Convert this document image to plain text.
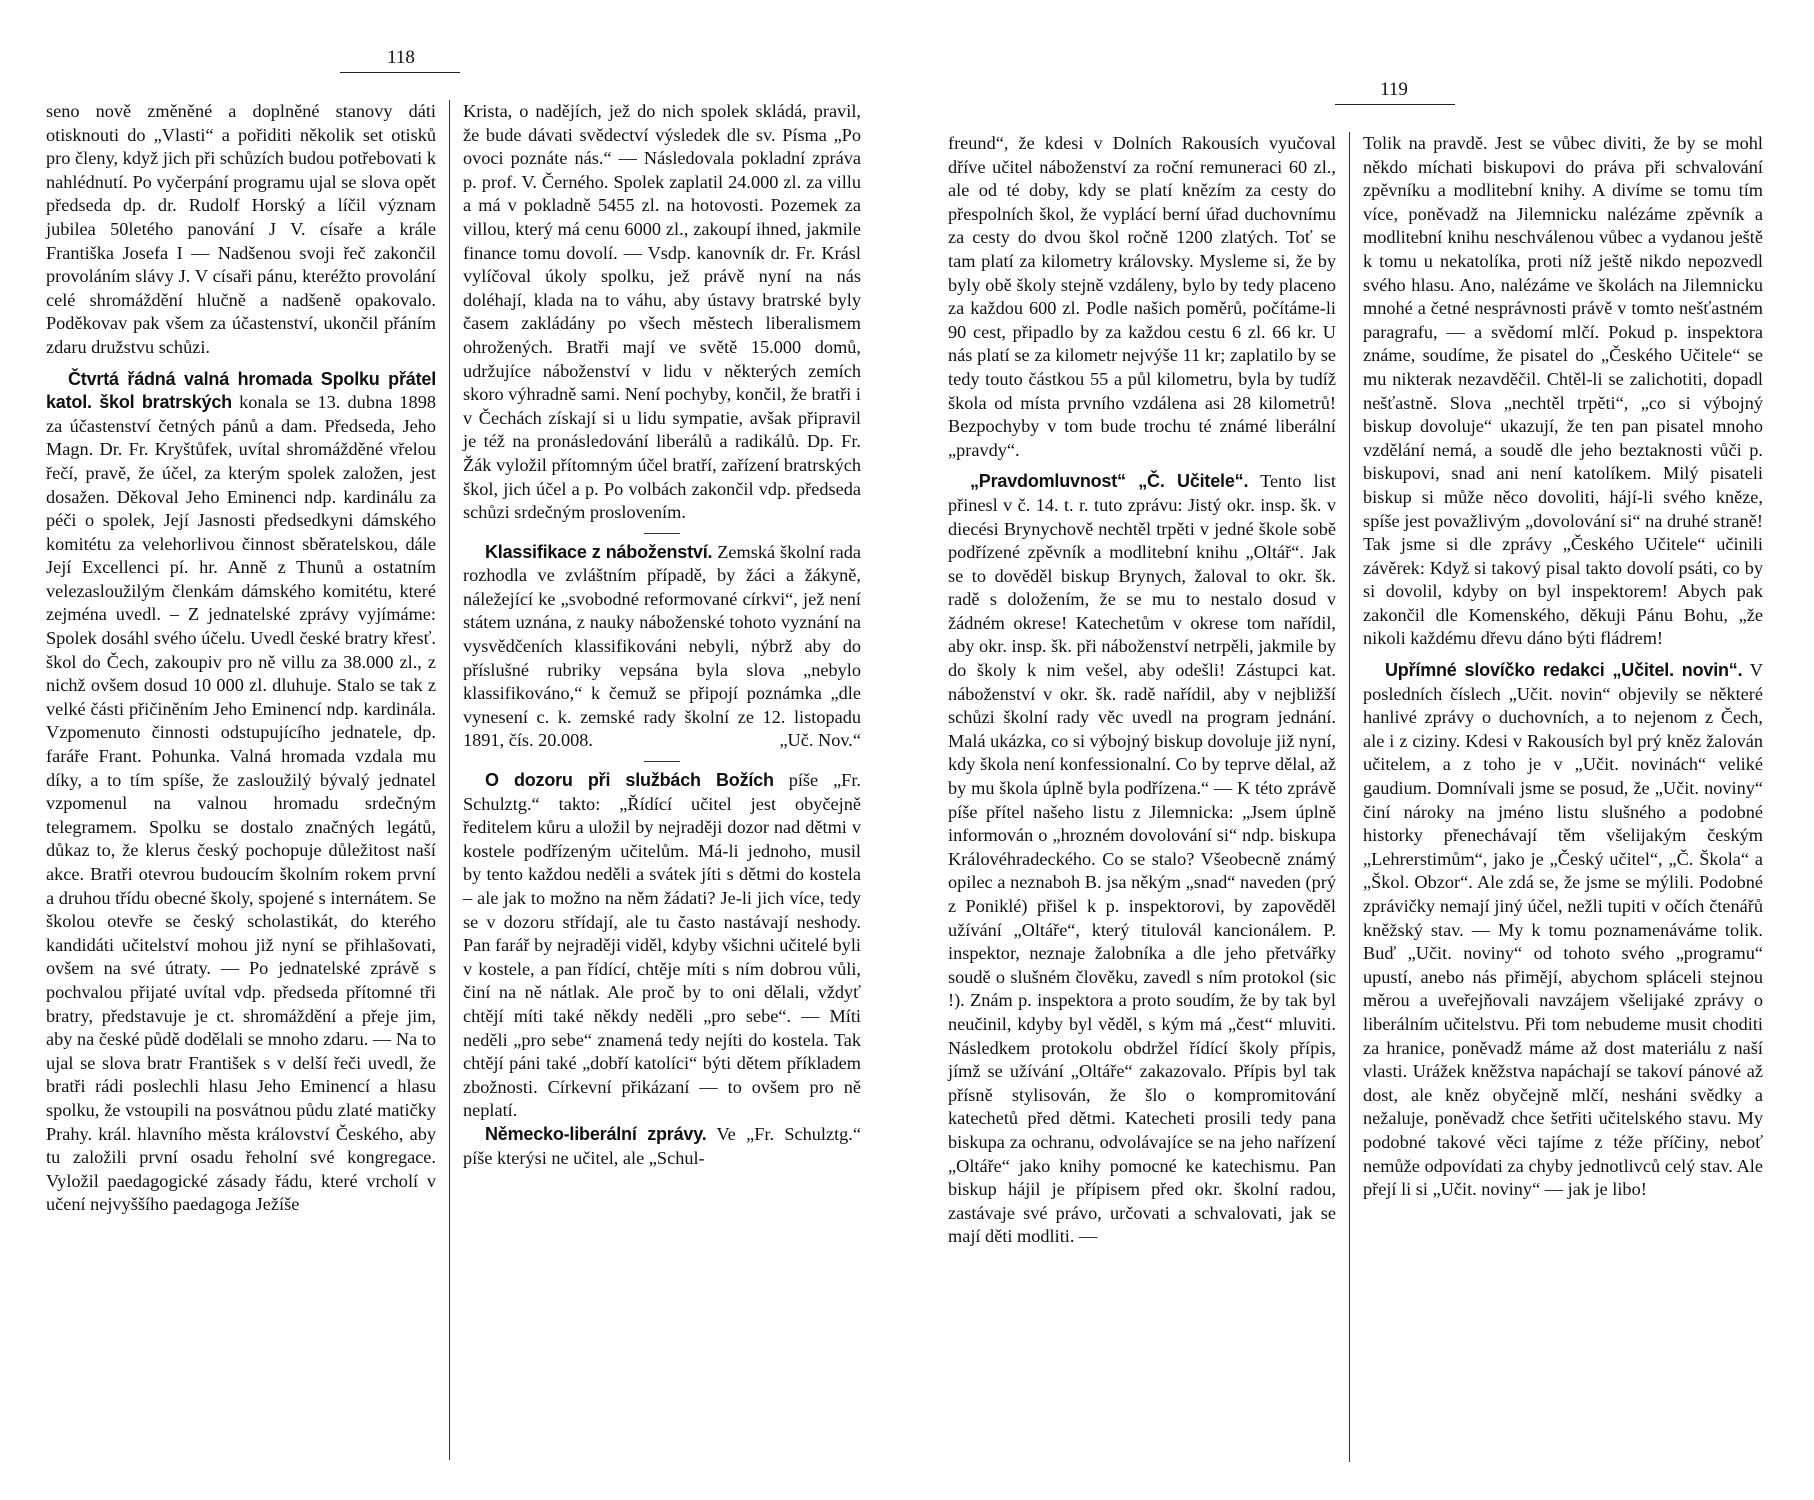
118

seno nově změněné a doplněné stanovy dáti otisknouti do „Vlasti“ a pořiditi několik set otisků pro členy, když jich při schůzích budou potřebovati k nahlédnutí. Po vyčerpání programu ujal se slova opět předseda dp. dr. Rudolf Horský a líčil význam jubilea 50letého panování J V. císaře a krále Františka Josefa I — Nadšenou svoji řeč zakončil provoláním slávy J. V císaři pánu, kteréžto provolání celé shromáždění hlučně a nadšeně opakovalo. Poděkovav pak všem za účastenství, ukončil přáním zdaru družstvu schůzi.

Čtvrtá řádná valná hromada Spolku přátel katol. škol bratrských konala se 13. dubna 1898 za účastenství četných pánů a dam. Předseda, Jeho Magn. Dr. Fr. Kryštůfek, uvítal shromážděné vřelou řečí, pravě, že účel, za kterým spolek založen, jest dosažen. Děkoval Jeho Eminenci ndp. kardinálu za péči o spolek, Její Jasnosti předsedkyni dámského komitétu za velehorlivou činnost sběratelskou, dále Její Excellenci pí. hr. Anně z Thunů a ostatním velezasloužilým členkám dámského komitétu, které zejména uvedl. – Z jednatelské zprávy vyjímáme: Spolek dosáhl svého účelu. Uvedl české bratry křesť. škol do Čech, zakoupiv pro ně villu za 38.000 zl., z nichž ovšem dosud 10 000 zl. dluhuje. Stalo se tak z velké části přičiněním Jeho Eminencí ndp. kardinála. Vzpomenuto činnosti odstupujícího jednatele, dp. faráře Frant. Pohunka. Valná hromada vzdala mu díky, a to tím spíše, že zasloužilý bývalý jednatel vzpomenul na valnou hromadu srdečným telegramem. Spolku se dostalo značných legátů, důkaz to, že klerus český pochopuje důležitost naší akce. Bratři otevrou budoucím školním rokem první a druhou třídu obecné školy, spojené s internátem. Se školou otevře se český scholastikát, do kterého kandidáti učitelství mohou již nyní se přihlašovati, ovšem na své útraty. — Po jednatelské zprávě s pochvalou přijaté uvítal vdp. předseda přítomné tři bratry, představuje je ct. shromáždění a přeje jim, aby na české půdě dodělali se mnoho zdaru. — Na to ujal se slova bratr František s v delší řeči uvedl, že bratři rádi poslechli hlasu Jeho Eminencí a hlasu spolku, že vstoupili na posvátnou půdu zlaté matičky Prahy. král. hlavního města království Českého, aby tu založili první osadu řeholní své kongregace. Vyložil paedagogické zásady řádu, které vrcholí v učení nejvyššího paedagoga Ježíše

Krista, o nadějích, jež do nich spolek skládá, pravil, že bude dávati svědectví výsledek dle sv. Písma „Po ovoci poznáte nás.“ — Následovala pokladní zpráva p. prof. V. Černého. Spolek zaplatil 24.000 zl. za villu a má v pokladně 5455 zl. na hotovosti. Pozemek za villou, který má cenu 6000 zl., zakoupí ihned, jakmile finance tomu dovolí. — Vsdp. kanovník dr. Fr. Krásl vylíčoval úkoly spolku, jež právě nyní na nás doléhají, klada na to váhu, aby ústavy bratrské byly časem zakládány po všech městech liberalismem ohrožených. Bratři mají ve světě 15.000 domů, udržujíce náboženství v lidu v některých zemích skoro výhradně sami. Není pochyby, končil, že bratři i v Čechách získají si u lidu sympatie, avšak připravil je též na pronásledování liberálů a radikálů. Dp. Fr. Žák vyložil přítomným účel bratří, zařízení bratrských škol, jich účel a p. Po volbách zakončil vdp. předseda schůzi srdečným proslovením.

Klassifikace z náboženství. Zemská školní rada rozhodla ve zvláštním případě, by žáci a žákyně, náležející ke „svobodné reformované církvi“, jež není státem uznána, z nauky náboženské tohoto vyznání na vysvědčeních klassifikováni nebyli, nýbrž aby do příslušné rubriky vepsána byla slova „nebylo klassifikováno,“ k čemuž se připojí poznámka „dle vynesení c. k. zemské rady školní ze 12. listopadu 1891, čís. 20.008.	„Uč. Nov.“

O dozoru při službách Božích píše „Fr. Schulztg.“ takto: „Řídící učitel jest obyčejně ředitelem kůru a uložil by nejraději dozor nad dětmi v kostele podřízeným učitelům. Má-li jednoho, musil by tento každou neděli a svátek jíti s dětmi do kostela – ale jak to možno na něm žádati? Je-li jich více, tedy se v dozoru střídají, ale tu často nastávají neshody. Pan farář by nejraději viděl, kdyby všichni učitelé byli v kostele, a pan řídící, chtěje míti s ním dobrou vůli, činí na ně nátlak. Ale proč by to oni dělali, vždyť chtějí míti také někdy neděli „pro sebe“. — Míti neděli „pro sebe“ znamená tedy nejíti do kostela. Tak chtějí páni také „dobří katolíci“ býti dětem příkladem zbožnosti. Církevní přikázaní — to ovšem pro ně neplatí.

Německo-liberální zprávy. Ve „Fr. Schulztg.“ píše kterýsi ne učitel, ale „Schul-

119

freund“, že kdesi v Dolních Rakousích vyučoval dříve učitel náboženství za roční remuneraci 60 zl., ale od té doby, kdy se platí knězím za cesty do přespolních škol, že vyplácí berní úřad duchovnímu za cesty do dvou škol ročně 1200 zlatých. Toť se tam platí za kilometry královsky. Mysleme si, že by byly obě školy stejně vzdáleny, bylo by tedy placeno za každou 600 zl. Podle našich poměrů, počítáme-li 90 cest, připadlo by za každou cestu 6 zl. 66 kr. U nás platí se za kilometr nejvýše 11 kr; zaplatilo by se tedy touto částkou 55 a půl kilometru, byla by tudíž škola od místa prvního vzdálena asi 28 kilometrů! Bezpochyby v tom bude trochu té známé liberální „pravdy“.

„Pravdomluvnost“ „Č. Učitele“. Tento list přinesl v č. 14. t. r. tuto zprávu: Jistý okr. insp. šk. v diecési Brynychově nechtěl trpěti v jedné škole sobě podřízené zpěvník a modlitební knihu „Oltář“. Jak se to dověděl biskup Brynych, žaloval to okr. šk. radě s doložením, že se mu to nestalo dosud v žádném okrese! Katechetům v okrese tom nařídil, aby okr. insp. šk. při náboženství netrpěli, jakmile by do školy k nim vešel, aby odešli! Zástupci kat. náboženství v okr. šk. radě nařídil, aby v nejbližší schůzi školní rady věc uvedl na program jednání. Malá ukázka, co si výbojný biskup dovoluje již nyní, kdy škola není konfessionalní. Co by teprve dělal, až by mu škola úplně byla podřízena.“ — K této zprávě píše přítel našeho listu z Jilemnicka: „Jsem úplně informován o „hrozném dovolování si“ ndp. biskupa Královéhradeckého. Co se stalo? Všeobecně známý opilec a neznaboh B. jsa někým „snad“ naveden (prý z Poniklé) přišel k p. inspektorovi, by zapověděl užívání „Oltáře“, který titulovál kancionálem. P. inspektor, neznaje žalobníka a dle jeho přetvářky soudě o slušném člověku, zavedl s ním protokol (sic !). Znám p. inspektora a proto soudím, že by tak byl neučinil, kdyby byl věděl, s kým má „čest“ mluviti. Následkem protokolu obdržel řídící školy přípis, jímž se užívání „Oltáře“ zakazovalo. Přípis byl tak přísně stylisován, že šlo o kompromitování katechetů před dětmi. Katecheti prosili tedy pana biskupa za ochranu, odvolávajíce se na jeho nařízení „Oltáře“ jako knihy pomocné ke katechismu. Pan biskup hájil je přípisem před okr. školní radou, zastávaje své právo, určovati a schvalovati, jak se mají děti modliti. —

Tolik na pravdě. Jest se vůbec diviti, že by se mohl někdo míchati biskupovi do práva při schvalování zpěvníku a modlitební knihy. A divíme se tomu tím více, poněvadž na Jilemnicku nalézáme zpěvník a modlitební knihu neschválenou vůbec a vydanou ještě k tomu u nekatolíka, proti níž ještě nikdo nepozvedl svého hlasu. Ano, nalézáme ve školách na Jilemnicku mnohé a četné nesprávnosti právě v tomto nešťastném paragrafu, — a svědomí mlčí. Pokud p. inspektora známe, soudíme, že pisatel do „Českého Učitele“ se mu nikterak nezavděčil. Chtěl-li se zalichotiti, dopadl nešťastně. Slova „nechtěl trpěti“, „co si výbojný biskup dovoluje“ ukazují, že ten pan pisatel mnoho vzdělání nemá, a soudě dle jeho beztaknosti vůči p. biskupovi, snad ani není katolíkem. Milý pisateli biskup si může něco dovoliti, hájí-li svého kněze, spíše jest považlivým „dovolování si“ na druhé straně! Tak jsme si dle zprávy „Českého Učitele“ učinili závěrek: Když si takový pisal takto dovolí psáti, co by si dovolil, kdyby on byl inspektorem! Abych pak zakončil dle Komenského, děkuji Pánu Bohu, „že nikoli každému dřevu dáno býti fládrem!

Upřímné slovíčko redakci „Učitel. novin“. V posledních číslech „Učit. novin“ objevily se některé hanlivé zprávy o duchovních, a to nejenom z Čech, ale i z ciziny. Kdesi v Rakousích byl prý kněz žalován učitelem, a z toho je v „Učit. novinách“ veliké gaudium. Domnívali jsme se posud, že „Učit. noviny“ činí nároky na jméno listu slušného a podobné historky přenechávají těm všelijakým českým „Lehrerstimům“, jako je „Český učitel“, „Č. Škola“ a „Škol. Obzor“. Ale zdá se, že jsme se mýlili. Podobné zprávičky nemají jiný účel, nežli tupiti v očích čtenářů kněžský stav. — My k tomu poznamenáváme tolik. Buď „Učit. noviny“ od tohoto svého „programu“ upustí, anebo nás přimějí, abychom spláceli stejnou měrou a uveřejňovali navzájem všelijaké zprávy o liberálním učitelstvu. Při tom nebudeme musit choditi za hranice, poněvadž máme až dost materiálu z naší vlasti. Urážek kněžstva napáchají se takoví pánové až dost, ale kněz obyčejně mlčí, nesháni svědky a nežaluje, poněvadž chce šetřiti učitelského stavu. My podobné takové věci tajíme z téže příčiny, neboť nemůže odpovídati za chyby jednotlivců celý stav. Ale přejí li si „Učit. noviny“ — jak je libo!
